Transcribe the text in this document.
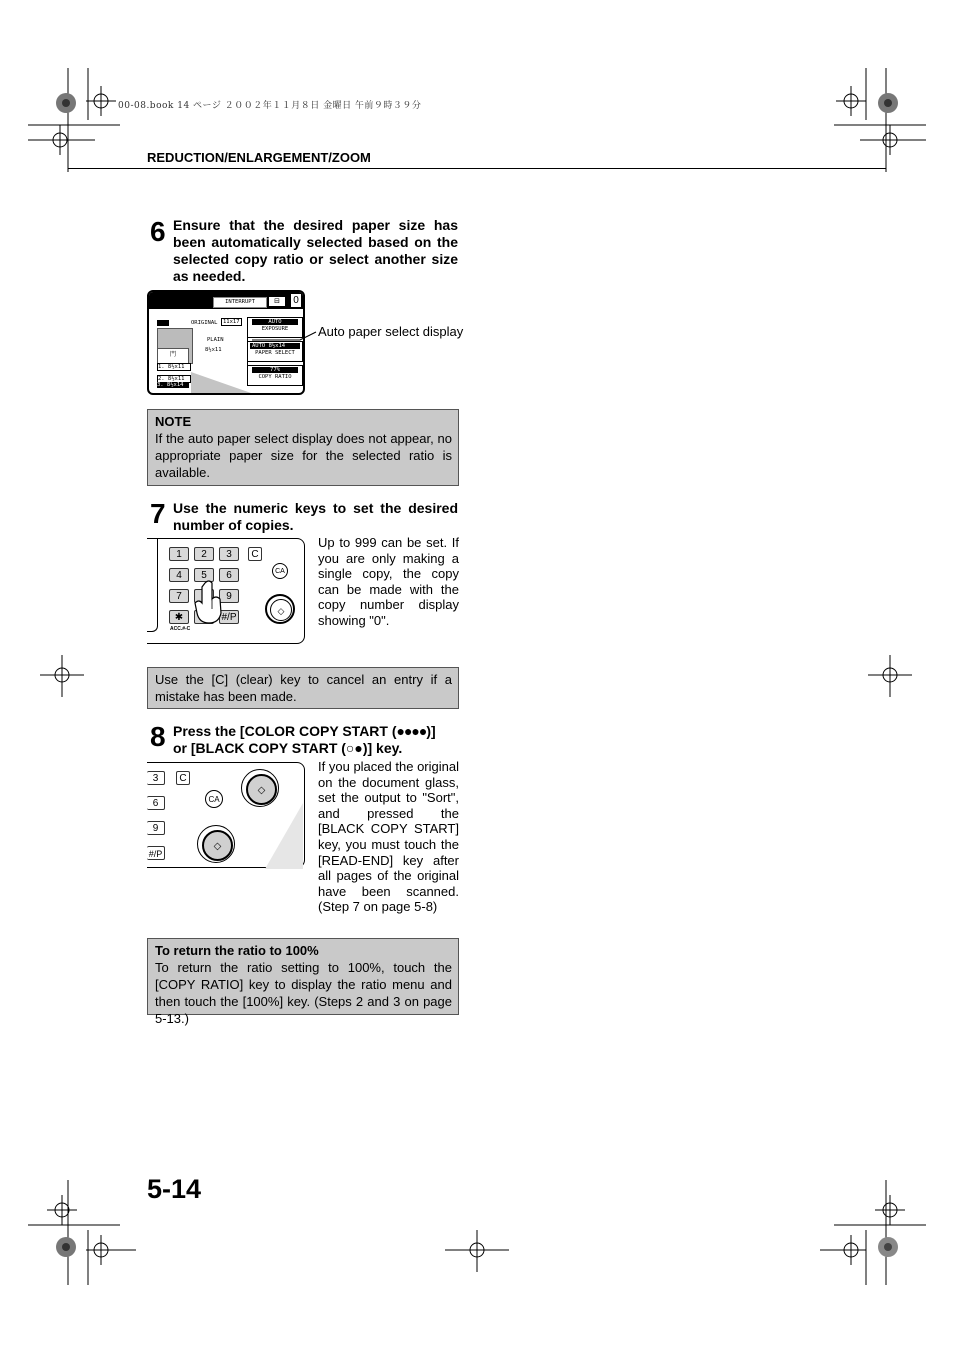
00-08.book 14 ページ ２００２年１１月８日 金曜日 午前９時３９分
REDUCTION/ENLARGEMENT/ZOOM
6 Ensure that the desired paper size has been automatically selected based on the selected copy ratio or select another size as needed.
INTERRUPT	⊟	0
ORIGINAL	11x17
PLAIN
8½x11
門
1. 8½x11
2. 8½x11
3. 8½x14
AUTO
EXPOSURE
AUTO 8½x14
PAPER SELECT
77%
COPY RATIO
Auto paper select display
NOTE
If the auto paper select display does not appear, no appropriate paper size for the selected ratio is available.
7 Use the numeric keys to set the desired number of copies.
1	2	3	C
4	5	6
7	9
✱	#/P
ACC.#-C
CA
◇
Up to 999 can be set. If you are only making a single copy, the copy can be made with the copy number display showing "0".
Use the [C] (clear) key to cancel an entry if a mistake has been made.
8 Press the [COLOR COPY START (●●●●)]
or [BLACK COPY START (○●)] key.
3	C
6
9
#/P
CA
◇
◇
If you placed the original on the document glass, set the output to "Sort", and pressed the [BLACK COPY START] key, you must touch the [READ-END] key after all pages of the original have been scanned. (Step 7 on page 5-8)
To return the ratio to 100%
To return the ratio setting to 100%, touch the [COPY RATIO] key to display the ratio menu and then touch the [100%] key. (Steps 2 and 3 on page 5-13.)
5-14
